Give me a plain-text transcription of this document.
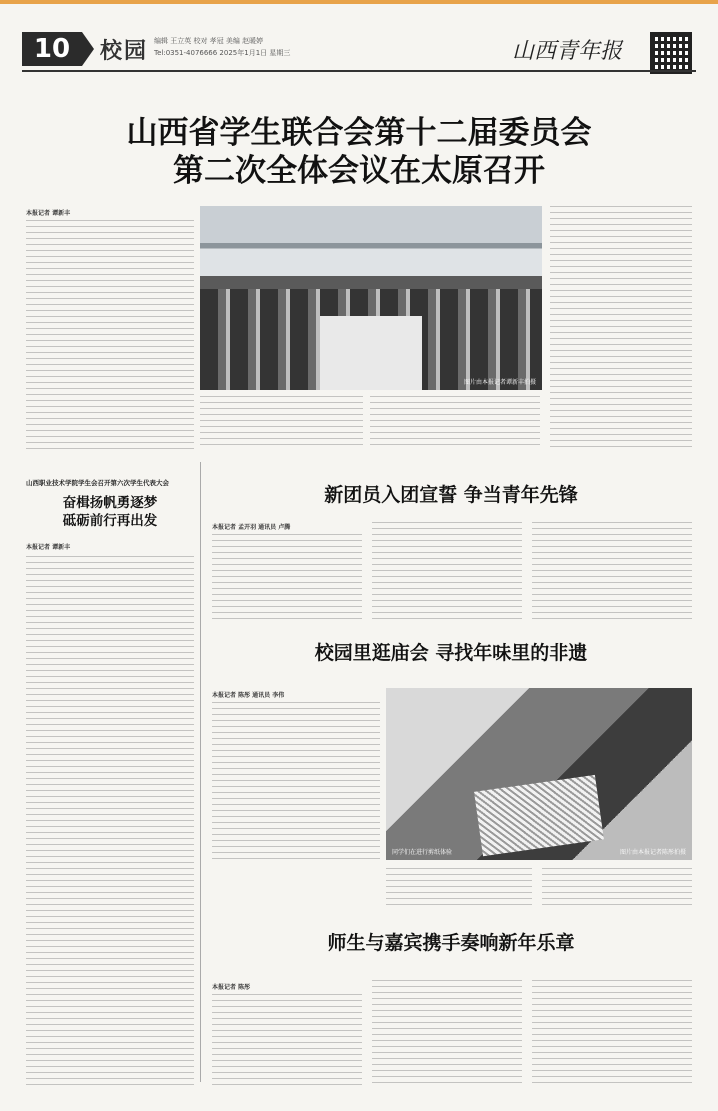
10	校园 编辑 王立英 校对 孝冠 美编 赵暖婷
Tel:0351-4076666 2025年1月1日 星期三	山西青年报
山西省学生联合会第十二届委员会
第二次全体会议在太原召开
本报记者 谭新丰
图片由本报记者谭新丰拍摄
山西职业技术学院学生会召开第六次学生代表大会
奋楫扬帆勇逐梦
砥砺前行再出发
本报记者 谭新丰
新团员入团宣誓 争当青年先锋
本报记者 孟开羽 通讯员 卢腾
校园里逛庙会 寻找年味里的非遗
本报记者 陈彤 通讯员 李伟
同学们在进行剪纸体验	图片由本报记者陈彤拍摄
师生与嘉宾携手奏响新年乐章
本报记者 陈彤
